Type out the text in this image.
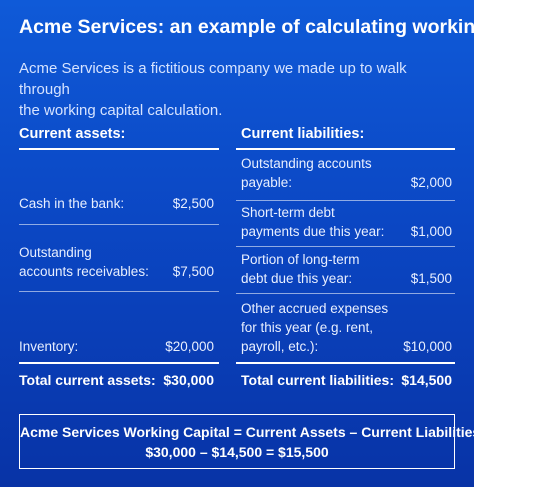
Acme Services: an example of calculating working capital.
Acme Services is a fictitious company we made up to walk through
the working capital calculation.
Current assets:
Cash in the bank:	$2,500
Outstanding
accounts receivables:	$7,500
Inventory:	$20,000
Total current assets: $30,000
Current liabilities:
Outstanding accounts
payable:	$2,000
Short-term debt
payments due this year:	$1,000
Portion of long-term
debt due this year:	$1,500
Other accrued expenses
for this year (e.g. rent,
payroll, etc.):	$10,000
Total current liabilities: $14,500
Acme Services Working Capital = Current Assets – Current Liabilities
$30,000 – $14,500 = $15,500
